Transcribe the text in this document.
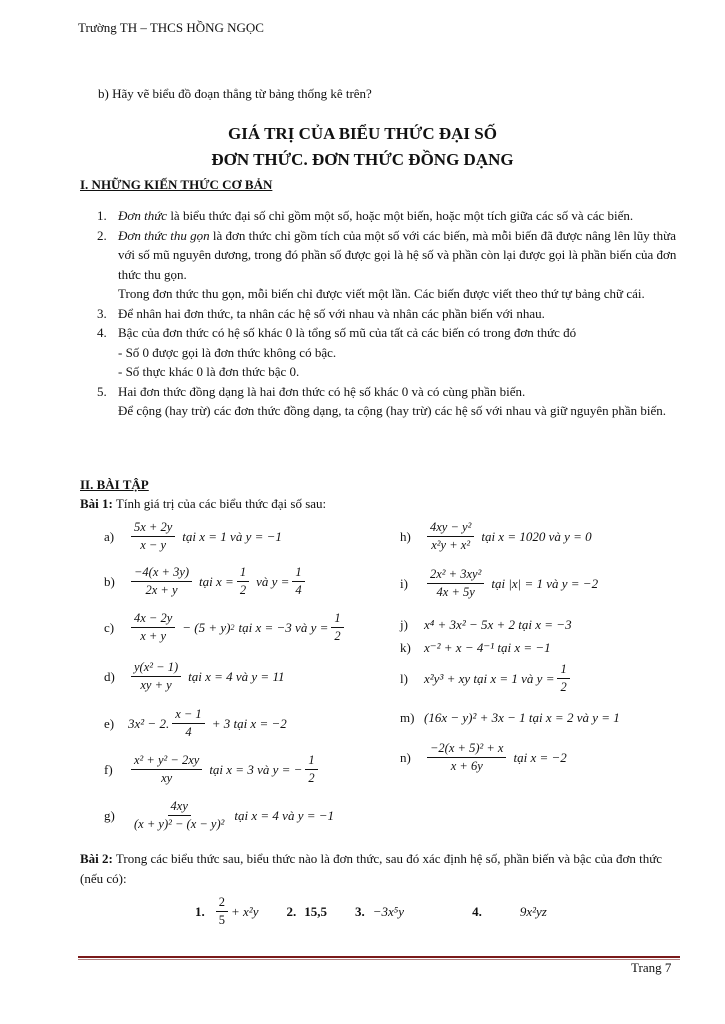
Trường TH – THCS HỒNG NGỌC
b) Hãy vẽ biểu đồ đoạn thẳng từ bảng thống kê trên?
GIÁ TRỊ CỦA BIỂU THỨC ĐẠI SỐ
ĐƠN THỨC. ĐƠN THỨC ĐỒNG DẠNG
I. NHỮNG KIẾN THỨC CƠ BẢN
1. Đơn thức là biểu thức đại số chỉ gồm một số, hoặc một biến, hoặc một tích giữa các số và các biến.
2. Đơn thức thu gọn là đơn thức chỉ gồm tích của một số với các biến, mà mỗi biến đã được nâng lên lũy thừa với số mũ nguyên dương, trong đó phần số được gọi là hệ số và phần còn lại được gọi là phần biến của đơn thức thu gọn.

Trong đơn thức thu gọn, mỗi biến chỉ được viết một lần. Các biến được viết theo thứ tự bảng chữ cái.

3. Để nhân hai đơn thức, ta nhân các hệ số với nhau và nhân các phần biến với nhau.
4. Bậc của đơn thức có hệ số khác 0 là tổng số mũ của tất cả các biến có trong đơn thức đó

- Số 0 được gọi là đơn thức không có bậc.

- Số thực khác 0 là đơn thức bậc 0.

5. Hai đơn thức đồng dạng là hai đơn thức có hệ số khác 0 và có cùng phần biến.

Để cộng (hay trừ) các đơn thức đồng dạng, ta cộng (hay trừ) các hệ số với nhau và giữ nguyên phần biến.

II. BÀI TẬP
Bài 1: Tính giá trị của các biểu thức đại số sau:
a)	$\frac{5x + 2y}{x - y}$ tại x = 1 và y = −1
b)	$\frac{-4(x + 3y)}{2x + y}$ tại $x = \frac{1}{2}$ và $y = \frac{1}{4}$
c)	$\frac{4x - 2y}{x + y} - (5 + y)$ 2 tại x = −3 và $y = \frac{1}{2}$
d)	$\frac{\text{y(x² − 1)}}{xy + y}$ tại x = 4 và y = 11
e)	3x² − 2. $\frac{x - 1}{4} + 3$ tại x = −2
f)	$\frac{\text{x² + y² − 2xy}}{xy}$ tại x = 3 và y = − $\frac{1}{2}$
g)	$\frac{4xy}{\text{(x + y)² − (x − y)²}}$ tại x = 4 và y = −1
h)	$\frac{\text{4xy − y²}}{\text{x²y + x²}}$ tại x = 1020 và y = 0
i)	$\frac{\text{2x² + 3xy²}}{4x + 5y}$ tại |x| = 1 và y = −2
j)	x⁴ + 3x² − 5x + 2 tại x = −3
k)	x⁻² + x − 4⁻¹ tại x = −1
l)	x²y³ + xy tại x = 1 và $y = \frac{1}{2}$
m) (16x − y)² + 3x − 1 tại x = 2 và y = 1
n)	$\frac{\text{−2(x + 5)² + x}}{x + 6y}$ tại x = −2
Bài 2: Trong các biểu thức sau, biểu thức nào là đơn thức, sau đó xác định hệ số, phần biến và bậc của đơn thức (nếu có):
1. $\frac{2}{5} + x^2y$ 2. 15,5 3. −3x⁵y	4.	9x²yz
Trang 7
